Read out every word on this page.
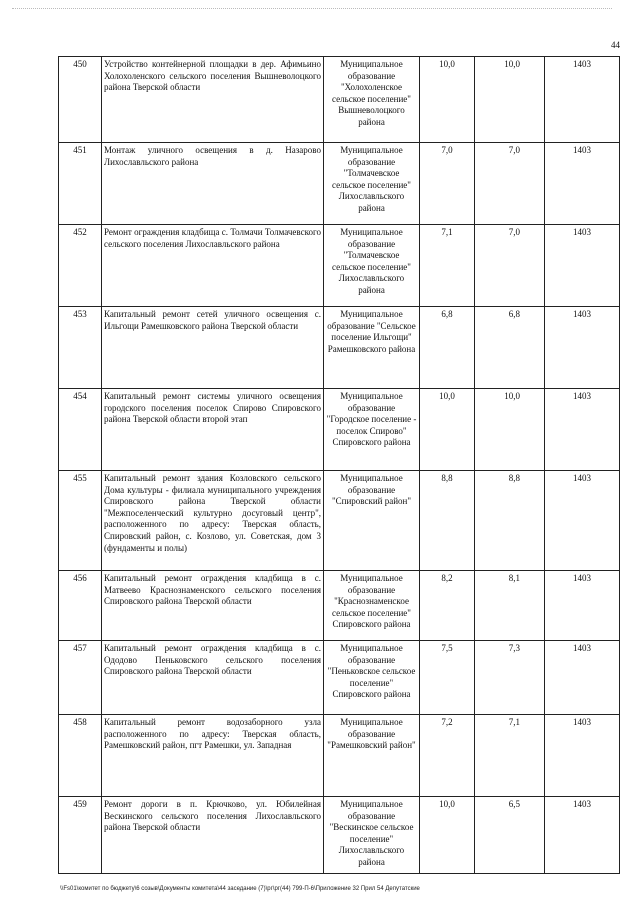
44
450	Устройство контейнерной площадки в дер. Афимьино Холохоленского сельского поселения Вышневолоцкого района Тверской области	Муниципальное образование "Холохоленское сельское поселение" Вышневолоцкого района	10,0	10,0	1403
451	Монтаж уличного освещения в д. Назарово Лихославльского района	Муниципальное образование "Толмачевское сельское поселение" Лихославльского района	7,0	7,0	1403
452	Ремонт ограждения кладбища с. Толмачи Толмачевского сельского поселения Лихославльского района	Муниципальное образование "Толмачевское сельское поселение" Лихославльского района	7,1	7,0	1403
453	Капитальный ремонт сетей уличного освещения с. Ильгощи Рамешковского района Тверской области	Муниципальное образование "Сельское поселение Ильгощи" Рамешковского района	6,8	6,8	1403
454	Капитальный ремонт системы уличного освещения городского поселения поселок Спирово Спировского района Тверской области второй этап	Муниципальное образование "Городское поселение - поселок Спирово" Спировского района	10,0	10,0	1403
455	Капитальный ремонт здания Козловского сельского Дома культуры - филиала муниципального учреждения Спировского района Тверской области "Межпоселенческий культурно досуговый центр", расположенного по адресу: Тверская область, Спировский район, с. Козлово, ул. Советская, дом 3 (фундаменты и полы)	Муниципальное образование "Спировский район"	8,8	8,8	1403
456	Капитальный ремонт ограждения кладбища в с. Матвеево Краснознаменского сельского поселения Спировского района Тверской области	Муниципальное образование "Краснознаменское сельское поселение" Спировского района	8,2	8,1	1403
457	Капитальный ремонт ограждения кладбища в с. Ододово Пеньковского сельского поселения Спировского района Тверской области	Муниципальное образование "Пеньковское сельское поселение" Спировского района	7,5	7,3	1403
458	Капитальный ремонт водозаборного узла расположенного по адресу: Тверская область, Рамешковский район, пгт Рамешки, ул. Западная	Муниципальное образование "Рамешковский район"	7,2	7,1	1403
459	Ремонт дороги в п. Крючково, ул. Юбилейная Вескинского сельского поселения Лихославльского района Тверской области	Муниципальное образование "Вескинское сельское поселение" Лихославльского района	10,0	6,5	1403
\\Fs01\комитет по бюджету\6 созыв\Документы комитета\44 заседание (7)\рг\рг(44) 799-П-6\Приложение 32 Прил 54 Депутатские
